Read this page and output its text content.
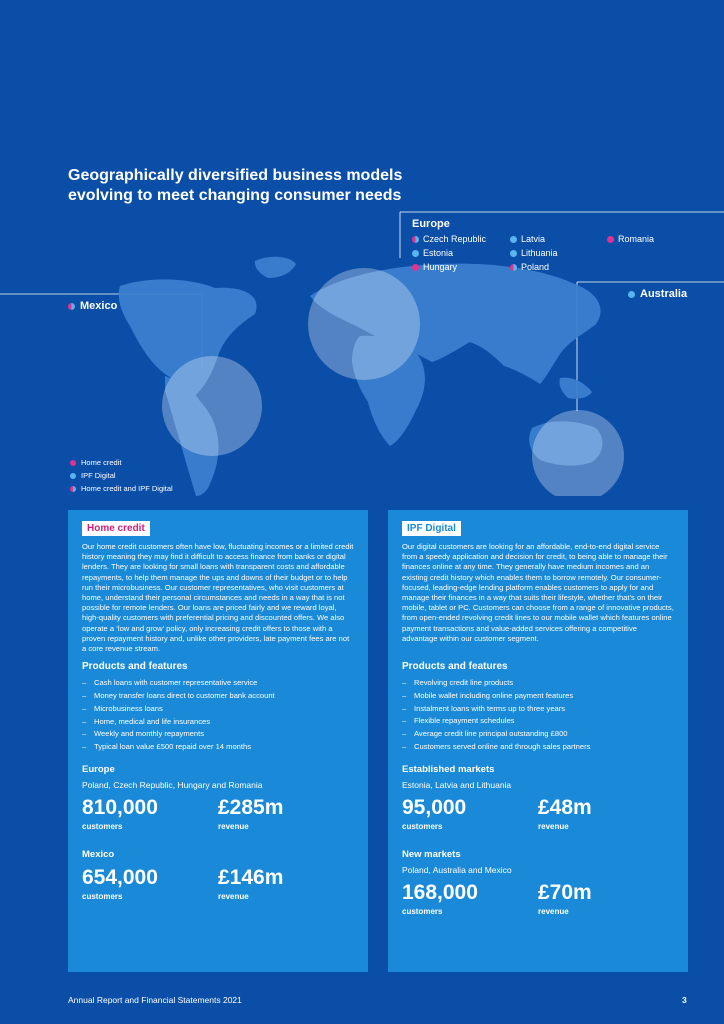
Geographically diversified business models
evolving to meet changing consumer needs
Europe
Czech Republic	Latvia	Romania
Estonia	Lithuania
Hungary	Poland
Mexico
Australia
Home credit
IPF Digital
Home credit and IPF Digital
Home credit

Our home credit customers often have low, fluctuating incomes or a limited credit history meaning they may find it difficult to access finance from banks or digital lenders. They are looking for small loans with transparent costs and affordable repayments, to help them manage the ups and downs of their budget or to help run their microbusiness. Our customer representatives, who visit customers at home, understand their personal circumstances and needs in a way that is not possible for remote lenders. Our loans are priced fairly and we reward loyal, high-quality customers with preferential pricing and discounted offers. We also operate a ‘low and grow’ policy, only increasing credit offers to those with a proven repayment history and, unlike other providers, late payment fees are not a core revenue stream.

Products and features
– Cash loans with customer representative service
– Money transfer loans direct to customer bank account
– Microbusiness loans
– Home, medical and life insurances
– Weekly and monthly repayments
– Typical loan value £500 repaid over 14 months
Europe
Poland, Czech Republic, Hungary and Romania
810,000
customers
£285m
revenue
Mexico
654,000
customers
£146m
revenue
IPF Digital

Our digital customers are looking for an affordable, end-to-end digital service from a speedy application and decision for credit, to being able to manage their finances online at any time. They generally have medium incomes and an existing credit history which enables them to borrow remotely. Our consumer-focused, leading-edge lending platform enables customers to apply for and manage their finances in a way that suits their lifestyle, whether that’s on their mobile, tablet or PC. Customers can choose from a range of innovative products, from open-ended revolving credit lines to our mobile wallet which features online payment transactions and value-added services offering a competitive advantage within our customer segment.

Products and features
– Revolving credit line products
– Mobile wallet including online payment features
– Instalment loans with terms up to three years
– Flexible repayment schedules
– Average credit line principal outstanding £800
– Customers served online and through sales partners
Established markets
Estonia, Latvia and Lithuania
95,000
customers
£48m
revenue
New markets
Poland, Australia and Mexico
168,000
customers
£70m
revenue
Annual Report and Financial Statements 2021	3
